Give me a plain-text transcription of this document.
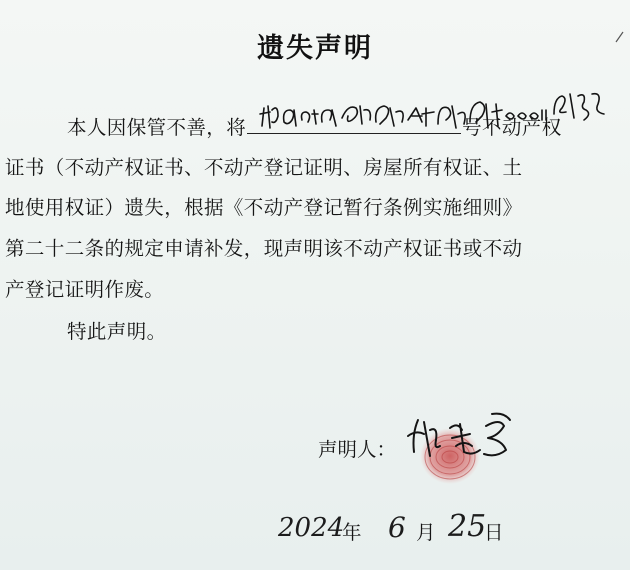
遗失声明
本人因保管不善，将	号不动产权
证书（不动产权证书、不动产登记证明、房屋所有权证、土
地使用权证）遗失，根据《不动产登记暂行条例实施细则》
第二十二条的规定申请补发，现声明该不动产权证书或不动
产登记证明作废。
特此声明。
声明人：
2024
年 6 月 25
日
